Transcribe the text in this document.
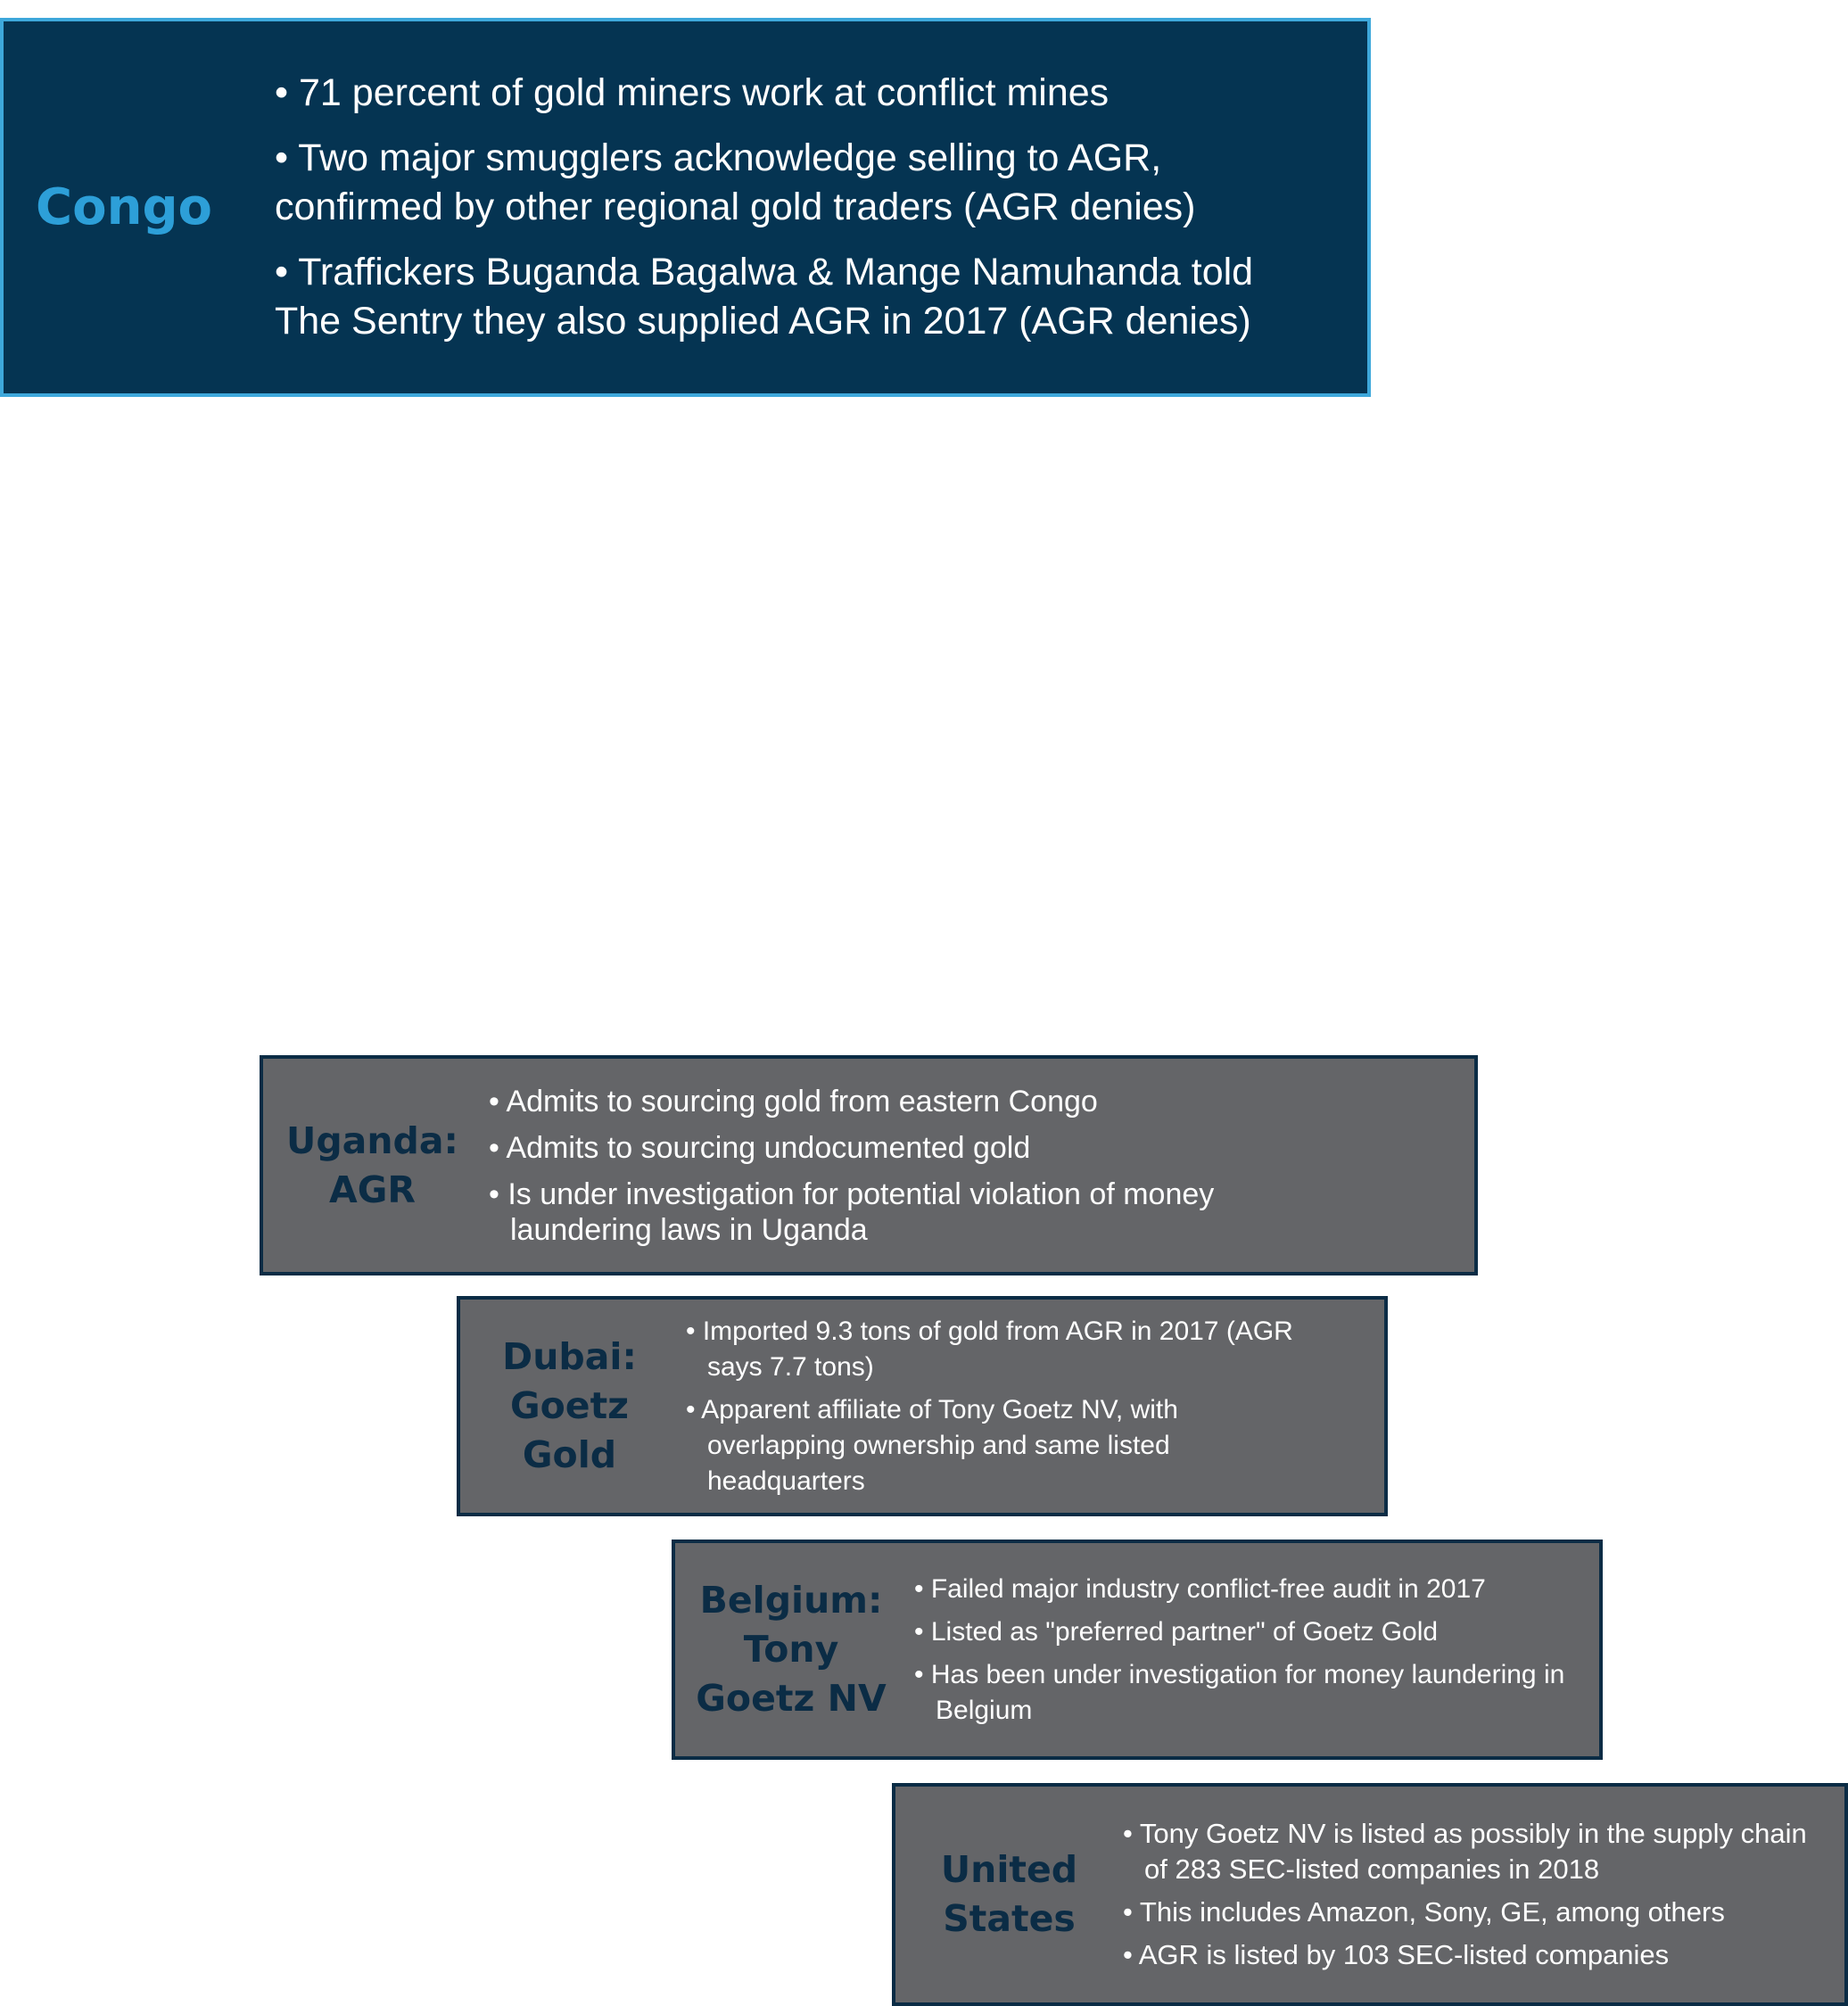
Congo
• 71 percent of gold miners work at conflict mines
• Two major smugglers acknowledge selling to AGR, confirmed by other regional gold traders (AGR denies)
• Traffickers Buganda Bagalwa & Mange Namuhanda told The Sentry they also supplied AGR in 2017 (AGR denies)
Uganda:
AGR
• Admits to sourcing gold from eastern Congo
• Admits to sourcing undocumented gold
• Is under investigation for potential violation of money laundering laws in Uganda
Dubai:
Goetz
Gold
• Imported 9.3 tons of gold from AGR in 2017 (AGR says 7.7 tons)
• Apparent affiliate of Tony Goetz NV, with overlapping ownership and same listed headquarters
Belgium:
Tony
Goetz NV
• Failed major industry conflict-free audit in 2017
• Listed as "preferred partner" of Goetz Gold
• Has been under investigation for money laundering in Belgium
United
States
• Tony Goetz NV is listed as possibly in the supply chain of 283 SEC-listed companies in 2018
• This includes Amazon, Sony, GE, among others
• AGR is listed by 103 SEC-listed companies
